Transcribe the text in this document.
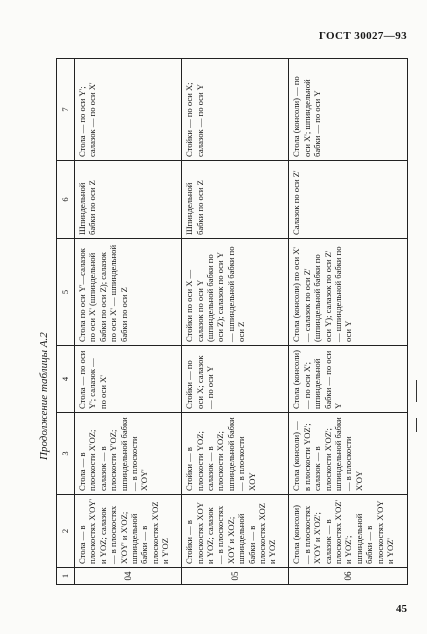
ГОСТ 30027—93
Продолжение таблицы А.2
1	2	3	4	5	6	7
04	Стола — в плоскостях X'OY' и YOZ; салазок — в плоскостях X'OY' и X'OZ; шпиндельной бабки — в плоскостях X'OZ и Y'OZ	Стола — в плоскости X'OZ; салазок — в плоскости Y'OZ; шпиндельной бабки — в плоскости X'OY'	Стола — по оси Y'; салазок — по оси X'	Стола по оси Y'—салазок по оси X' (шпиндельной бабки по оси Z); салазок по оси X' — шпиндельной бабки по оси Z	Шпиндельной бабки по оси Z	Стола — по оси Y'; салазок — по оси X'
05	Стойки — в плоскостях XOY и YOZ; салазок — в плоскостях XOY и XOZ; шпиндельной бабки — в плоскостях XOZ и YOZ	Стойки — в плоскости YOZ; салазок — в плоскости XOZ; шпиндельной бабки — в плоскости XOY	Стойки — по оси X; салазок — по оси Y	Стойки по оси X — салазок по оси Y (шпиндельной бабки по оси Z); салазок по оси Y — шпиндельной бабки по оси Z	Шпиндельной бабки по оси Z	Стойки — по оси X; салазок — по оси Y
06	Стола (консоли) — в плоскостях X'OY и X'OZ'; салазок — в плоскостях X'OZ' и YOZ'; шпиндельной бабки — в плоскостях X'OY и YOZ'	Стола (консоли) — в плоскости YOZ'; салазок — в плоскости X'OZ'; шпиндельной бабки — в плоскости X'OY	Стола (консоли) — по оси X'; шпиндельной бабки — по оси Y	Стола (консоли) по оси X' — салазок по оси Z' (шпиндельной бабки по оси Y); салазок по оси Z' — шпиндельной бабки по оси Y	Салазок по оси Z'	Стола (консоли) — по оси X'; шпиндельной бабки — по оси Y
45
